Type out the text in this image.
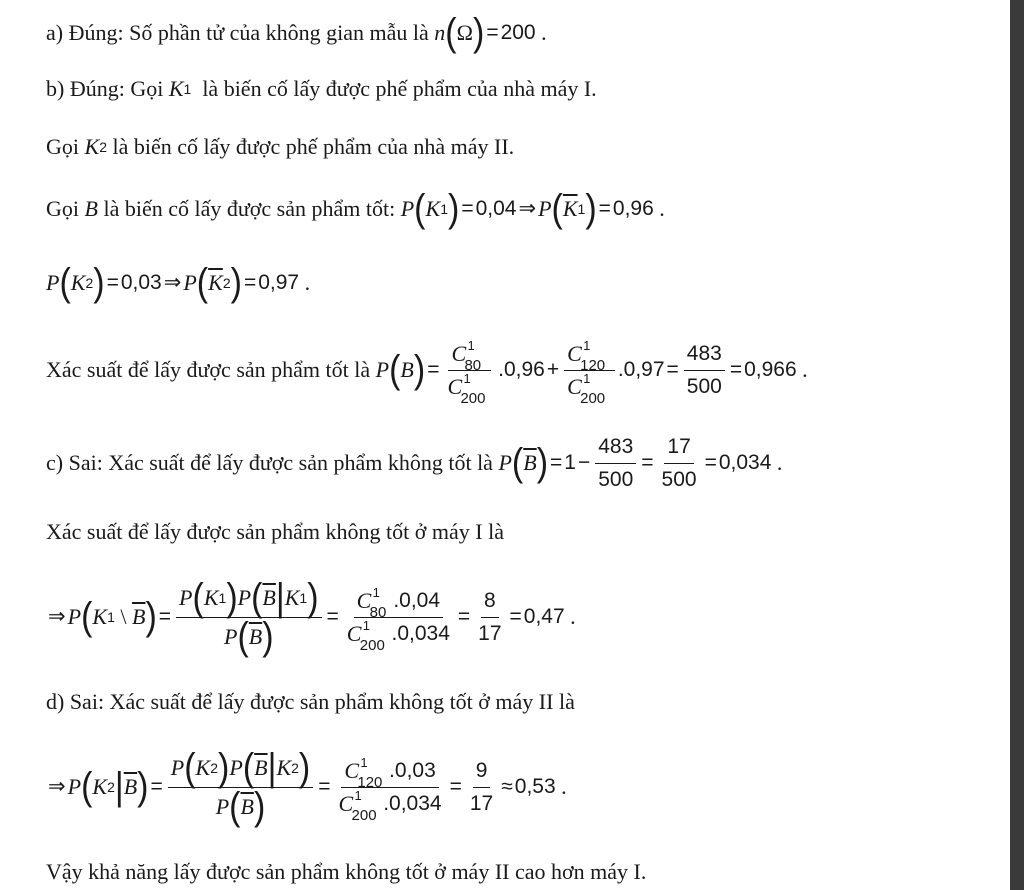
a) Đúng: Số phần tử của không gian mẫu là
n ( Ω ) = 200 .
b) Đúng: Gọi
K 1
là biến cố lấy được phế phẩm của nhà máy I.
Gọi
K 2
là biến cố lấy được phế phẩm của nhà máy II.
Gọi
B
là biến cố lấy được sản phẩm tốt:
P ( K 1 ) = 0,04 ⇒ P ( $\overline{K}$ 1 ) = 0,96 .
P ( K 2 ) = 0,03 ⇒ P ( $\overline{K}$ 2 ) = 0,97 .
Xác suất để lấy được sản phẩm tốt là
P ( B ) = C 1
80
C 1
200 . 0,96 + C 1
120
C 1
200 . $0,97 = \frac{483}{500} = 0,966$ .
c) Sai: Xác suất để lấy được sản phẩm không tốt là
P ( $\overline{B}$ ) = $1 - \frac{483}{500} = \frac{17}{500} = 0,034$ .
Xác suất để lấy được sản phẩm không tốt ở máy I là
⇒ P ( K 1 \ $\overline{B}$ ) = $\frac{P ( K 1 ) P ( \overline{B} | K 1 )}{P ( \overline{B} )} = C$ 1
80
. 0,04
C 1
200
. $0,034 = \frac{8}{17} = 0,47$ .
d) Sai: Xác suất để lấy được sản phẩm không tốt ở máy II là
⇒ P ( K 2 | $\overline{B}$ ) = $\frac{P ( K 2 ) P ( \overline{B} | K 2 )}{P ( \overline{B} )} = C$ 1
120
. 0,03
C 1
200
. $0,034 = \frac{9}{17} \approx 0,53$ .
Vậy khả năng lấy được sản phẩm không tốt ở máy II cao hơn máy I.
